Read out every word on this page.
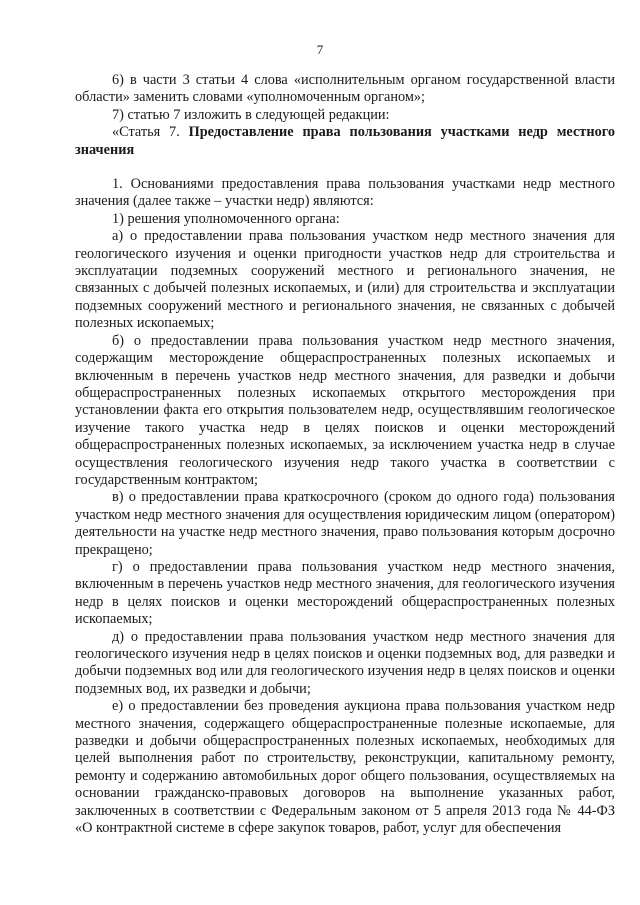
7

6) в части 3 статьи 4 слова «исполнительным органом государственной власти области» заменить словами «уполномоченным органом»;

7) статью 7 изложить в следующей редакции:

«Статья 7. Предоставление права пользования участками недр местного значения

1. Основаниями предоставления права пользования участками недр местного значения (далее также – участки недр) являются:

1) решения уполномоченного органа:

а) о предоставлении права пользования участком недр местного значения для геологического изучения и оценки пригодности участков недр для строительства и эксплуатации подземных сооружений местного и регионального значения, не связанных с добычей полезных ископаемых, и (или) для строительства и эксплуатации подземных сооружений местного и регионального значения, не связанных с добычей полезных ископаемых;

б) о предоставлении права пользования участком недр местного значения, содержащим месторождение общераспространенных полезных ископаемых и включенным в перечень участков недр местного значения, для разведки и добычи общераспространенных полезных ископаемых открытого месторождения при установлении факта его открытия пользователем недр, осуществлявшим геологическое изучение такого участка недр в целях поисков и оценки месторождений общераспространенных полезных ископаемых, за исключением участка недр в случае осуществления геологического изучения недр такого участка в соответствии с государственным контрактом;

в) о предоставлении права краткосрочного (сроком до одного года) пользования участком недр местного значения для осуществления юридическим лицом (оператором) деятельности на участке недр местного значения, право пользования которым досрочно прекращено;

г) о предоставлении права пользования участком недр местного значения, включенным в перечень участков недр местного значения, для геологического изучения недр в целях поисков и оценки месторождений общераспространенных полезных ископаемых;

д) о предоставлении права пользования участком недр местного значения для геологического изучения недр в целях поисков и оценки подземных вод, для разведки и добычи подземных вод или для геологического изучения недр в целях поисков и оценки подземных вод, их разведки и добычи;

е) о предоставлении без проведения аукциона права пользования участком недр местного значения, содержащего общераспространенные полезные ископаемые, для разведки и добычи общераспространенных полезных ископаемых, необходимых для целей выполнения работ по строительству, реконструкции, капитальному ремонту, ремонту и содержанию автомобильных дорог общего пользования, осуществляемых на основании гражданско-правовых договоров на выполнение указанных работ, заключенных в соответствии с Федеральным законом от 5 апреля 2013 года № 44-ФЗ «О контрактной системе в сфере закупок товаров, работ, услуг для обеспечения
